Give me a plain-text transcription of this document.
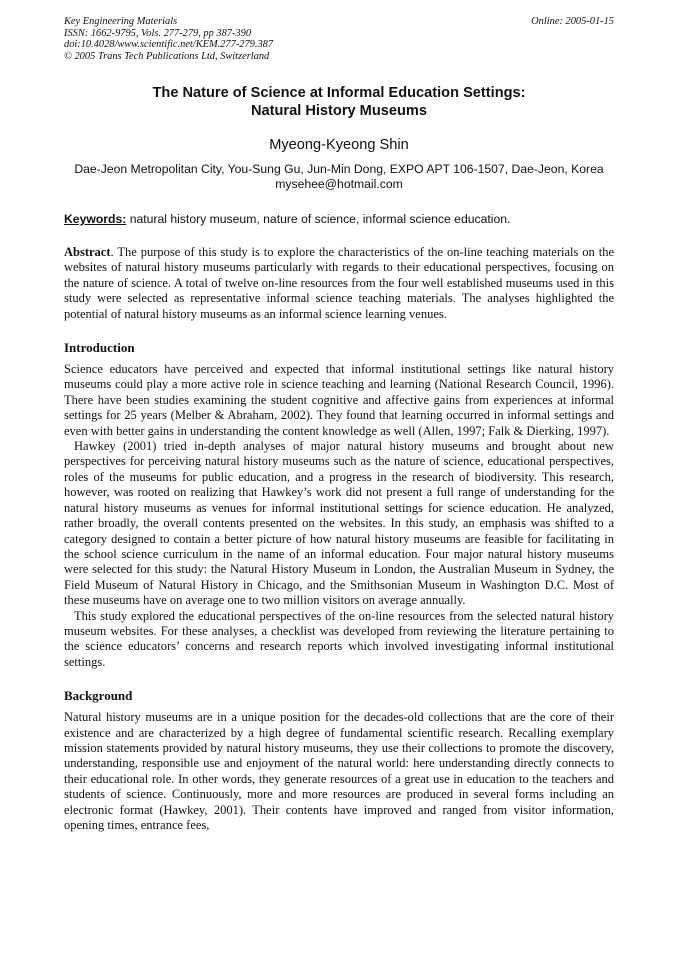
Key Engineering Materials
ISSN: 1662-9795, Vols. 277-279, pp 387-390
doi:10.4028/www.scientific.net/KEM.277-279.387
© 2005 Trans Tech Publications Ltd, Switzerland
Online: 2005-01-15
The Nature of Science at Informal Education Settings:
Natural History Museums
Myeong-Kyeong Shin
Dae-Jeon Metropolitan City, You-Sung Gu, Jun-Min Dong, EXPO APT 106-1507, Dae-Jeon, Korea
mysehee@hotmail.com
Keywords: natural history museum, nature of science, informal science education.
Abstract. The purpose of this study is to explore the characteristics of the on-line teaching materials on the websites of natural history museums particularly with regards to their educational perspectives, focusing on the nature of science. A total of twelve on-line resources from the four well established museums used in this study were selected as representative informal science teaching materials. The analyses highlighted the potential of natural history museums as an informal science learning venues.
Introduction

Science educators have perceived and expected that informal institutional settings like natural history museums could play a more active role in science teaching and learning (National Research Council, 1996). There have been studies examining the student cognitive and affective gains from experiences at informal settings for 25 years (Melber & Abraham, 2002). They found that learning occurred in informal settings and even with better gains in understanding the content knowledge as well (Allen, 1997; Falk & Dierking, 1997).

Hawkey (2001) tried in-depth analyses of major natural history museums and brought about new perspectives for perceiving natural history museums such as the nature of science, educational perspectives, roles of the museums for public education, and a progress in the research of biodiversity. This research, however, was rooted on realizing that Hawkey’s work did not present a full range of understanding for the natural history museums as venues for informal institutional settings for science education. He analyzed, rather broadly, the overall contents presented on the websites. In this study, an emphasis was shifted to a category designed to contain a better picture of how natural history museums are feasible for facilitating in the school science curriculum in the name of an informal education. Four major natural history museums were selected for this study: the Natural History Museum in London, the Australian Museum in Sydney, the Field Museum of Natural History in Chicago, and the Smithsonian Museum in Washington D.C. Most of these museums have on average one to two million visitors on average annually.

This study explored the educational perspectives of the on-line resources from the selected natural history museum websites. For these analyses, a checklist was developed from reviewing the literature pertaining to the science educators’ concerns and research reports which involved investigating informal institutional settings.

Background

Natural history museums are in a unique position for the decades-old collections that are the core of their existence and are characterized by a high degree of fundamental scientific research. Recalling exemplary mission statements provided by natural history museums, they use their collections to promote the discovery, understanding, responsible use and enjoyment of the natural world: here understanding directly connects to their educational role. In other words, they generate resources of a great use in education to the teachers and students of science. Continuously, more and more resources are produced in several forms including an electronic format (Hawkey, 2001). Their contents have improved and ranged from visitor information, opening times, entrance fees,
